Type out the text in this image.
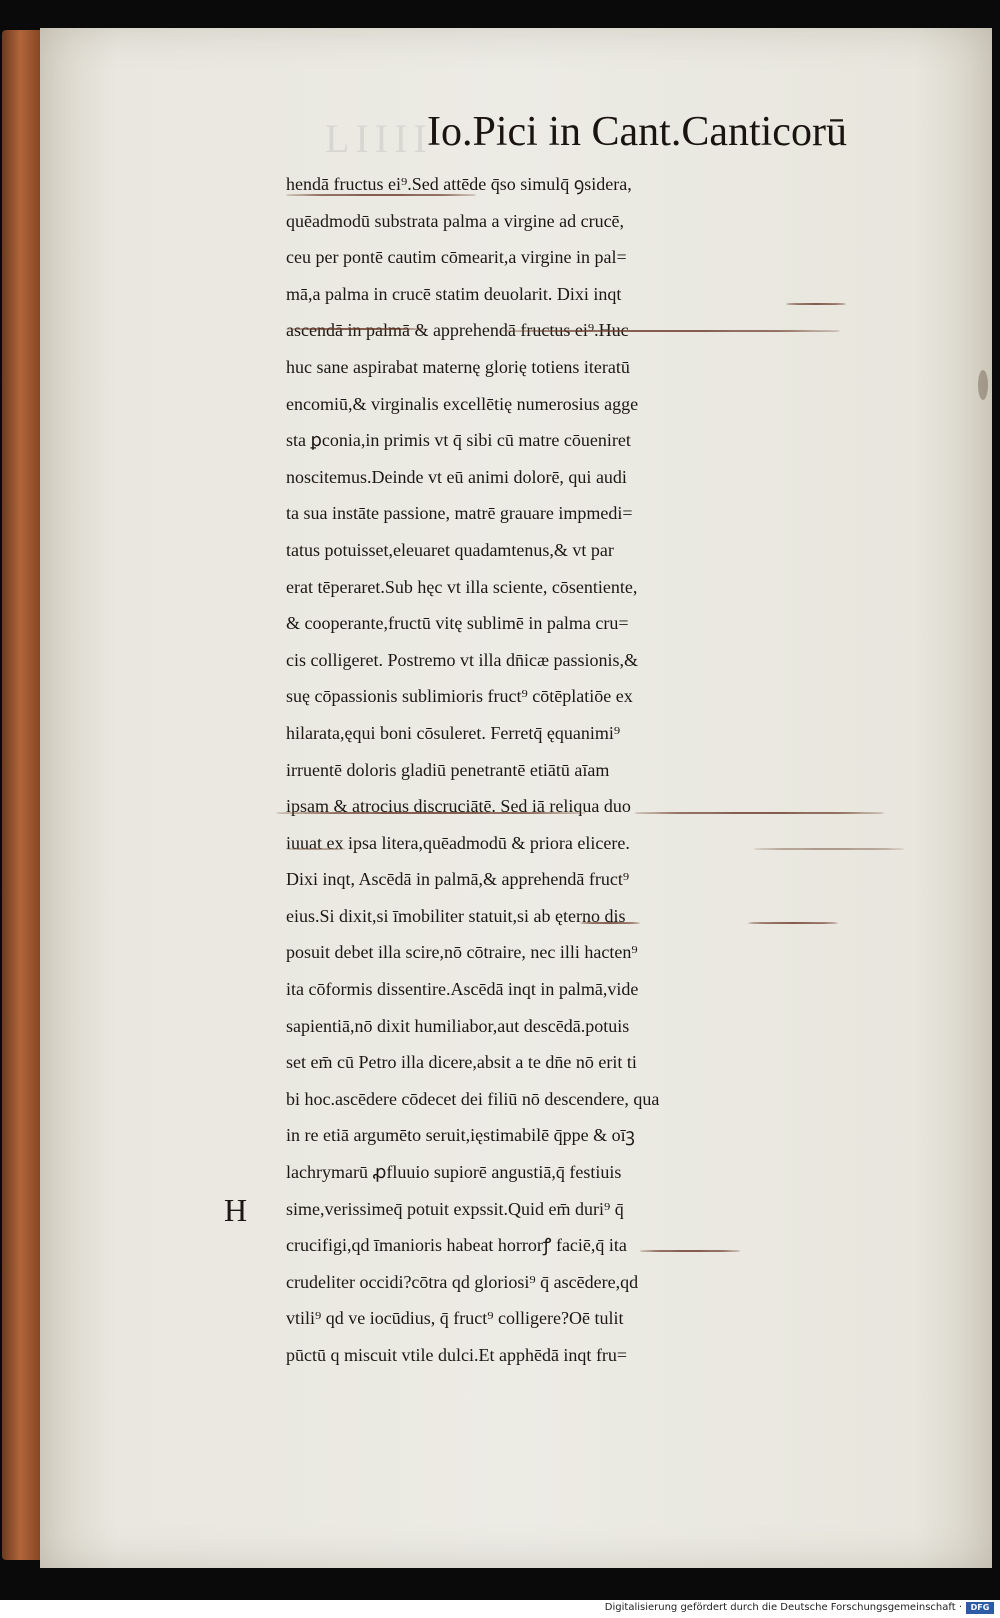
LIIII
Io.Pici in Cant.Canticorū
hendā fructus ei⁹.Sed attēde q̄so simulq̄ ꝯsidera,
quēadmodū substrata palma a virgine ad crucē,
ceu per pontē cautim cōmearit,a virgine in pal=
mā,a palma in crucē statim deuolarit. Dixi inqt
ascendā in palmā & apprehendā fructus ei⁹.Huc
huc sane aspirabat maternę glorię totiens iteratū
encomiū,& virginalis excellētię numerosius agge
sta ꝑconia,in primis vt q̄ sibi cū matre cōueniret
noscitemus.Deinde vt eū animi dolorē, qui audi
ta sua instāte passione, matrē grauare impmedi=
tatus potuisset,eleuaret quadamtenus,& vt par
erat tēperaret.Sub hęc vt illa sciente, cōsentiente,
& cooperante,fructū vitę sublimē in palma cru=
cis colligeret. Postremo vt illa dn̄icæ passionis,&
suę cōpassionis sublimioris fruct⁹ cōtēplatiōe ex
hilarata,ęqui boni cōsuleret. Ferretq̄ ęquanimi⁹
irruentē doloris gladiū penetrantē etiātū aīam
ipsam & atrocius discruciātē. Sed iā reliqua duo
iuuat ex ipsa litera,quēadmodū & priora elicere.
Dixi inqt, Ascēdā in palmā,& apprehendā fruct⁹
eius.Si dixit,si īmobiliter statuit,si ab ęterno dis
posuit debet illa scire,nō cōtraire, nec illi hacten⁹
ita cōformis dissentire.Ascēdā inqt in palmā,vide
sapientiā,nō dixit humiliabor,aut descēdā.potuis
set em̄ cū Petro illa dicere,absit a te dn̄e nō erit ti
bi hoc.ascēdere cōdecet dei filiū nō descendere, qua
in re etiā argumēto seruit,ięstimabilē q̄ppe & oīꝫ
lachrymarū ꝓfluuio supiorē angustiā,q̄ festiuis
sime,verissimeq̄ potuit expssit.Quid em̄ duri⁹ q̄
crucifigi,qd īmanioris habeat horrorꝭ faciē,q̄ ita
crudeliter occidi?cōtra qd gloriosi⁹ q̄ ascēdere,qd
vtili⁹ qd ve iocūdius, q̄ fruct⁹ colligere?Oē tulit
pūctū q miscuit vtile dulci.Et apphēdā inqt fru=
H
Digitalisierung gefördert durch die Deutsche Forschungsgemeinschaft ·	DFG
